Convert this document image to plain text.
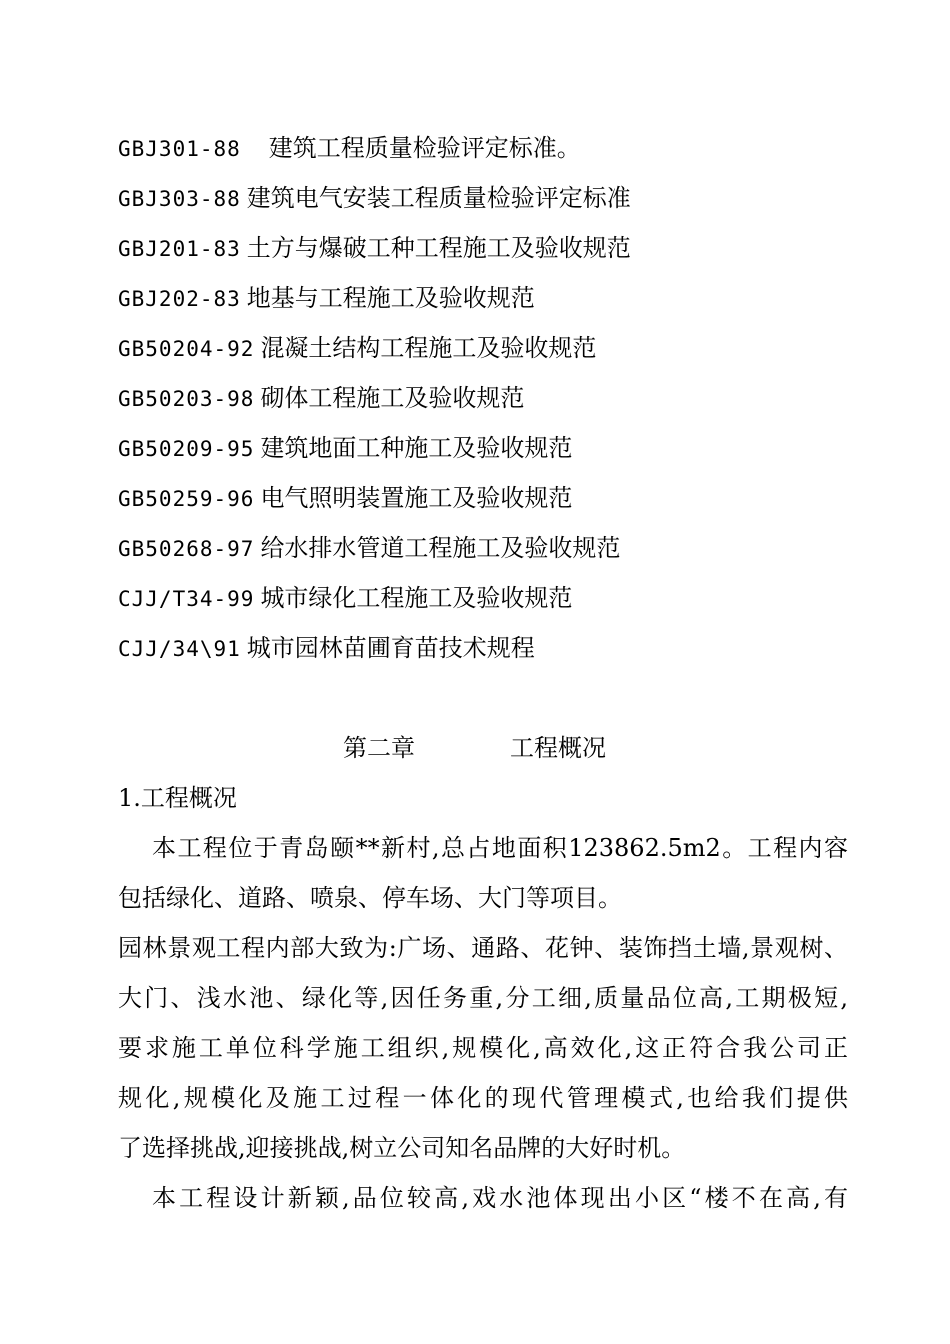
GBJ301-88 建筑工程质量检验评定标准。
GBJ303-88 建筑电气安装工程质量检验评定标准
GBJ201-83 土方与爆破工种工程施工及验收规范
GBJ202-83 地基与工程施工及验收规范
GB50204-92 混凝土结构工程施工及验收规范
GB50203-98 砌体工程施工及验收规范
GB50209-95 建筑地面工种施工及验收规范
GB50259-96 电气照明装置施工及验收规范
GB50268-97 给水排水管道工程施工及验收规范
CJJ/T34-99 城市绿化工程施工及验收规范
CJJ/34\91 城市园林苗圃育苗技术规程
第二章	工程概况
1.工程概况
本工程位于青岛颐**新村,总占地面积123862.5m2。工程内容
包括绿化、道路、喷泉、停车场、大门等项目。
园林景观工程内部大致为:广场、通路、花钟、装饰挡土墙,景观树、
大门、浅水池、绿化等,因任务重,分工细,质量品位高,工期极短,
要求施工单位科学施工组织,规模化,高效化,这正符合我公司正
规化,规模化及施工过程一体化的现代管理模式,也给我们提供
了选择挑战,迎接挑战,树立公司知名品牌的大好时机。
本工程设计新颖,品位较高,戏水池体现出小区“楼不在高,有
